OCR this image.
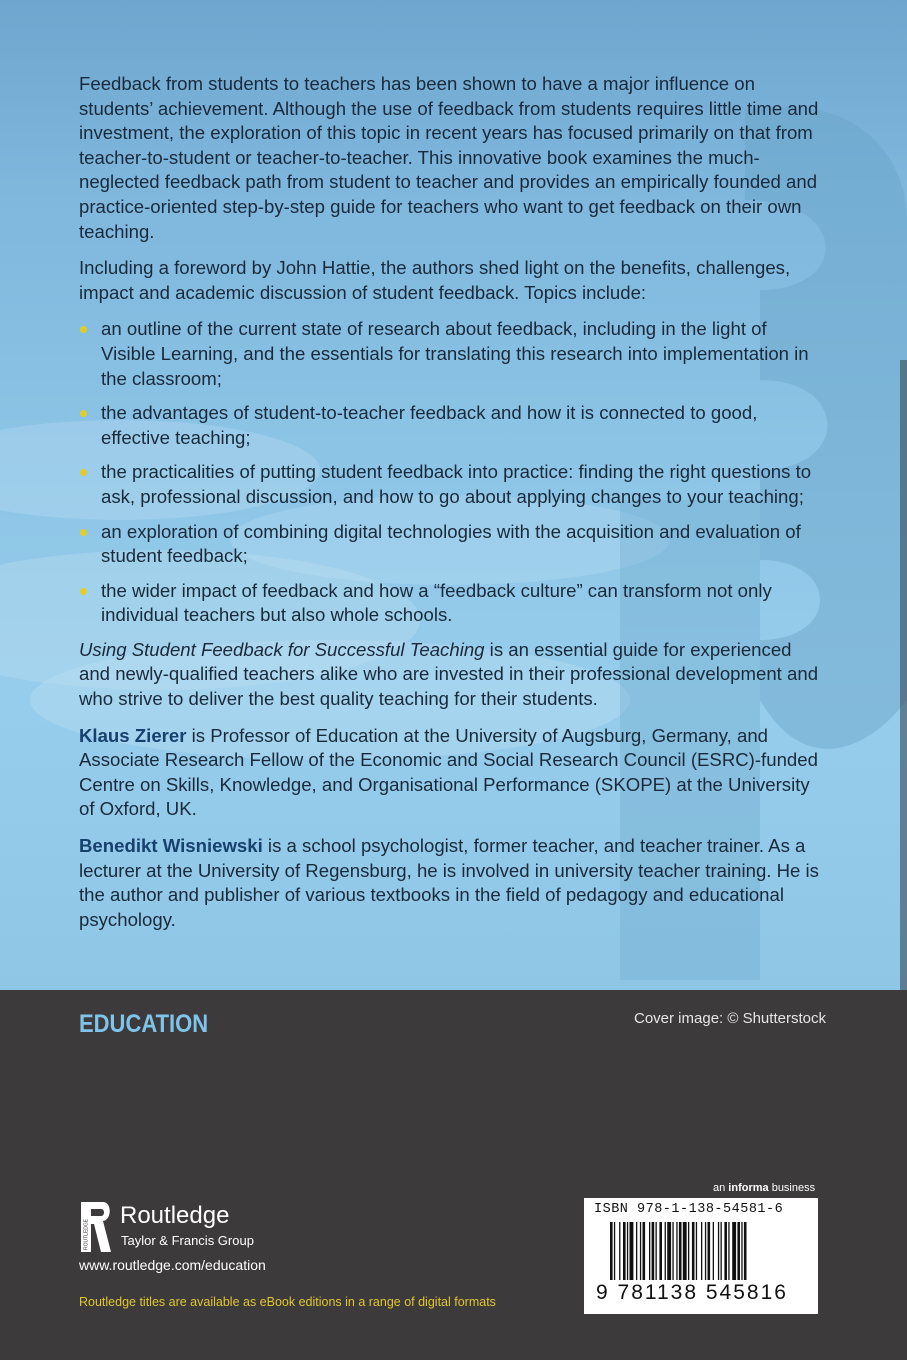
Feedback from students to teachers has been shown to have a major influence on students’ achievement. Although the use of feedback from students requires little time and investment, the exploration of this topic in recent years has focused primarily on that from teacher-to-student or teacher-to-teacher. This innovative book examines the much-neglected feedback path from student to teacher and provides an empirically founded and practice-oriented step-by-step guide for teachers who want to get feedback on their own teaching.

Including a foreword by John Hattie, the authors shed light on the benefits, challenges, impact and academic discussion of student feedback. Topics include:

an outline of the current state of research about feedback, including in the light of Visible Learning, and the essentials for translating this research into implementation in the classroom;
the advantages of student-to-teacher feedback and how it is connected to good, effective teaching;
the practicalities of putting student feedback into practice: finding the right questions to ask, professional discussion, and how to go about applying changes to your teaching;
an exploration of combining digital technologies with the acquisition and evaluation of student feedback;
the wider impact of feedback and how a “feedback culture” can transform not only individual teachers but also whole schools.

Using Student Feedback for Successful Teaching is an essential guide for experienced and newly-qualified teachers alike who are invested in their professional development and who strive to deliver the best quality teaching for their students.

Klaus Zierer is Professor of Education at the University of Augsburg, Germany, and Associate Research Fellow of the Economic and Social Research Council (ESRC)-funded Centre on Skills, Knowledge, and Organisational Performance (SKOPE) at the University of Oxford, UK.

Benedikt Wisniewski is a school psychologist, former teacher, and teacher trainer. As a lecturer at the University of Regensburg, he is involved in university teacher training. He is the author and publisher of various textbooks in the field of pedagogy and educational psychology.

EDUCATION	Cover image: © Shutterstock
ROUTLEDGE
Routledge
Taylor & Francis Group
www.routledge.com/education
Routledge titles are available as eBook editions in a range of digital formats
an informa business
ISBN 978-1-138-54581-6
9 781138 545816
